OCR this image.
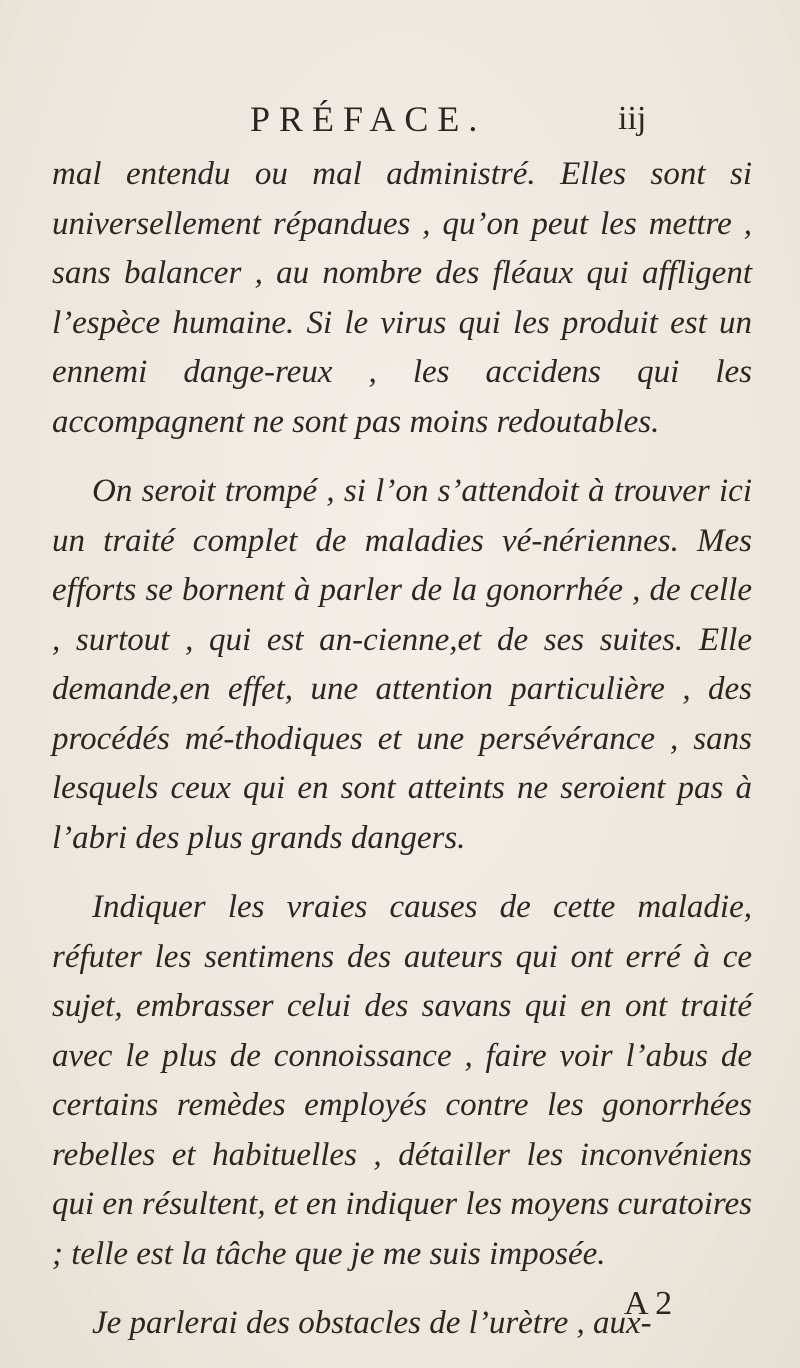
PRÉFACE.	iij

mal entendu ou mal administré. Elles sont si universellement répandues , qu’on peut les mettre , sans balancer , au nombre des fléaux qui affligent l’espèce humaine. Si le virus qui les produit est un ennemi dange-reux , les accidens qui les accompagnent ne sont pas moins redoutables.

On seroit trompé , si l’on s’attendoit à trouver ici un traité complet de maladies vé-nériennes. Mes efforts se bornent à parler de la gonorrhée , de celle , surtout , qui est an-cienne,et de ses suites. Elle demande,en effet, une attention particulière , des procédés mé-thodiques et une persévérance , sans lesquels ceux qui en sont atteints ne seroient pas à l’abri des plus grands dangers.

Indiquer les vraies causes de cette maladie, réfuter les sentimens des auteurs qui ont erré à ce sujet, embrasser celui des savans qui en ont traité avec le plus de connoissance , faire voir l’abus de certains remèdes employés contre les gonorrhées rebelles et habituelles , détailler les inconvéniens qui en résultent, et en indiquer les moyens curatoires ; telle est la tâche que je me suis imposée.

Je parlerai des obstacles de l’urètre , aux-

A 2
